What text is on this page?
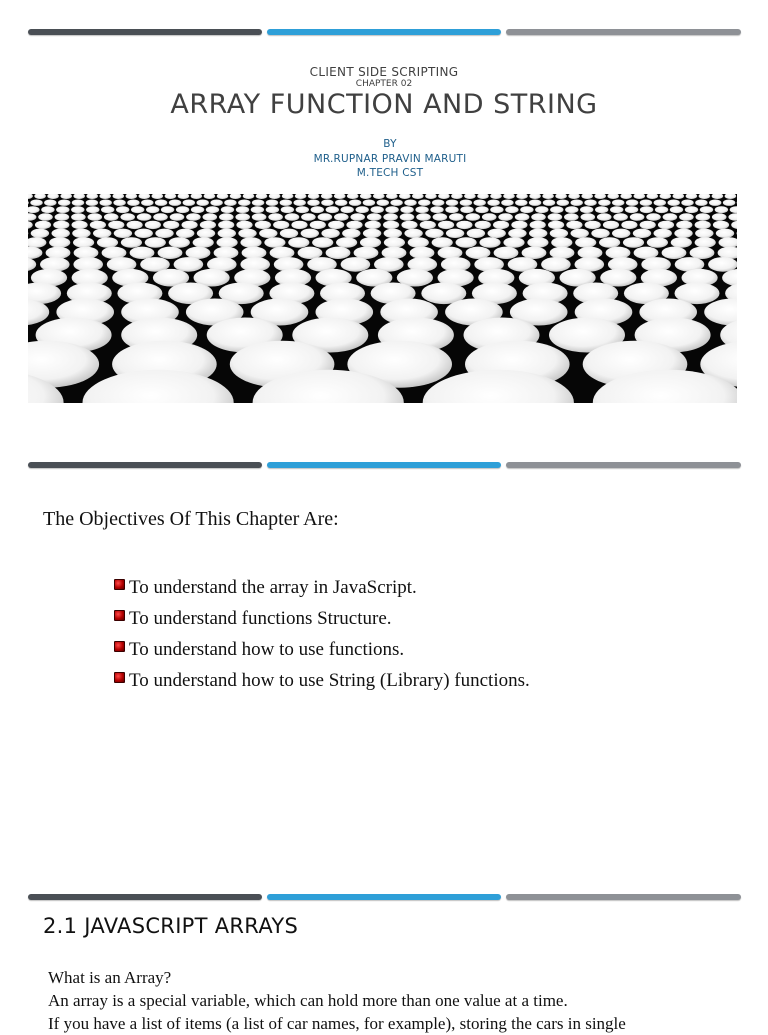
CLIENT SIDE SCRIPTING
CHAPTER 02
ARRAY FUNCTION AND STRING
BY
MR.RUPNAR PRAVIN MARUTI
M.TECH CST
The Objectives Of This Chapter Are:
To understand the array in JavaScript.
To understand functions Structure.
To understand how to use functions.
To understand how to use String (Library) functions.
2.1 JAVASCRIPT ARRAYS
What is an Array?
An array is a special variable, which can hold more than one value at a time.
If you have a list of items (a list of car names, for example), storing the cars in single
